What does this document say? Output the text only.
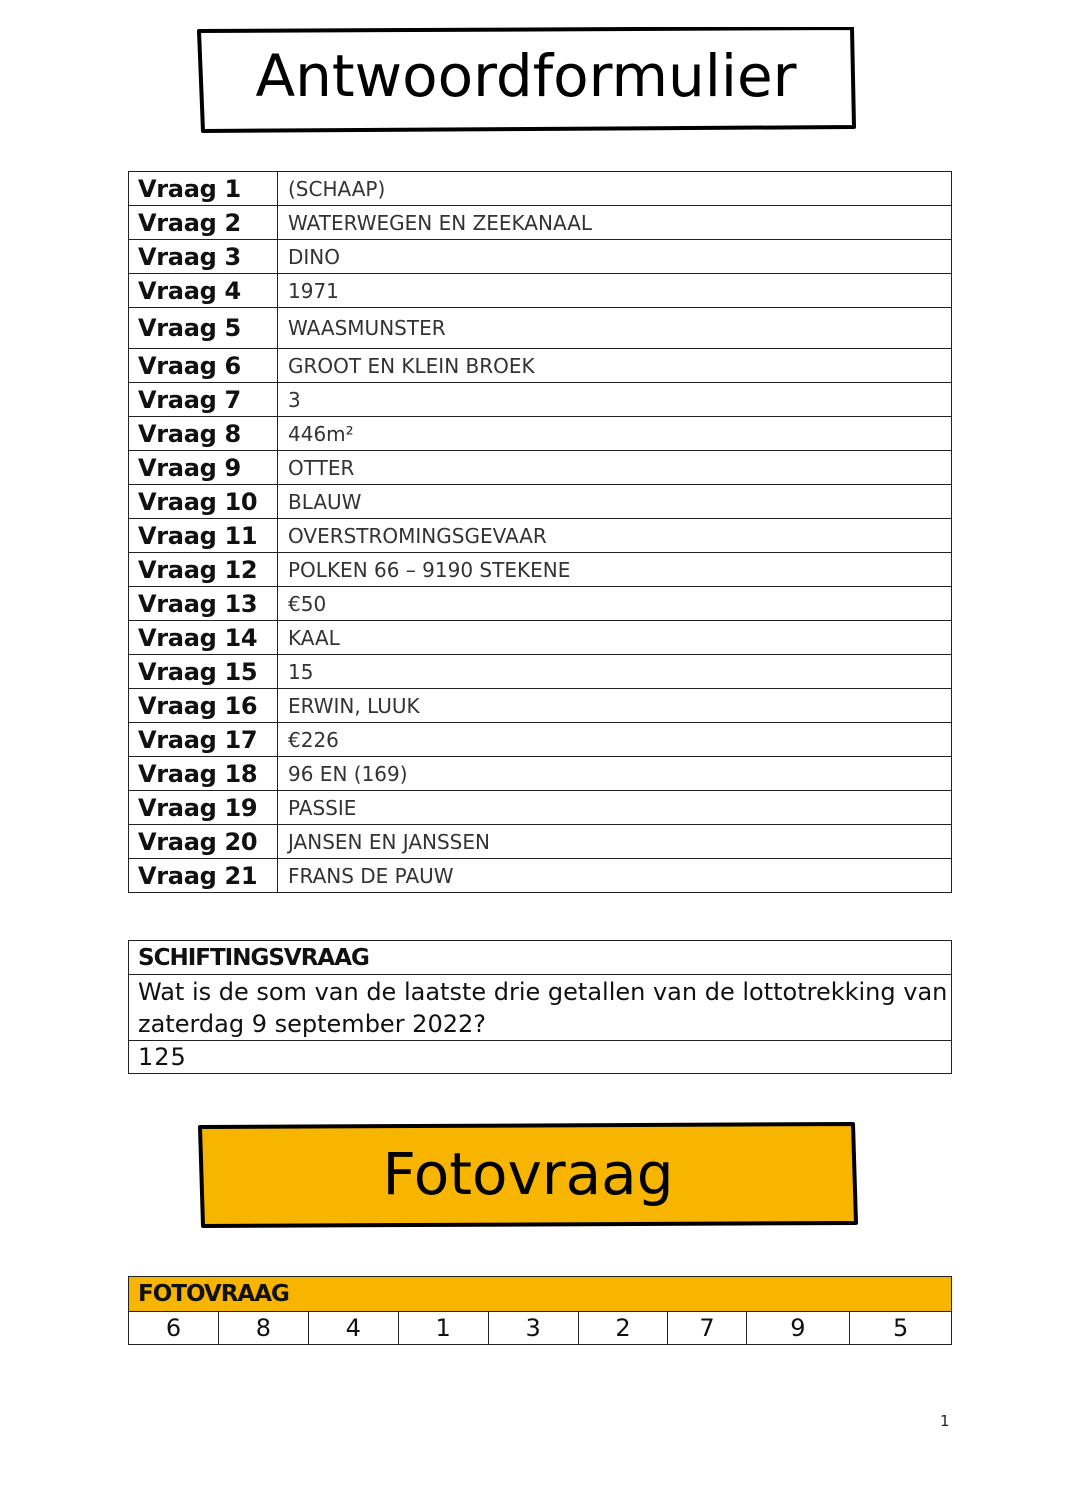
Antwoordformulier
Vraag 1	(SCHAAP)
Vraag 2	WATERWEGEN EN ZEEKANAAL
Vraag 3	DINO
Vraag 4	1971
Vraag 5	WAASMUNSTER
Vraag 6	GROOT EN KLEIN BROEK
Vraag 7	3
Vraag 8	446m²
Vraag 9	OTTER
Vraag 10	BLAUW
Vraag 11	OVERSTROMINGSGEVAAR
Vraag 12	POLKEN 66 – 9190 STEKENE
Vraag 13	€50
Vraag 14	KAAL
Vraag 15	15
Vraag 16	ERWIN, LUUK
Vraag 17	€226
Vraag 18	96 EN (169)
Vraag 19	PASSIE
Vraag 20	JANSEN EN JANSSEN
Vraag 21	FRANS DE PAUW
SCHIFTINGSVRAAG
Wat is de som van de laatste drie getallen van de lottotrekking van zaterdag 9 september 2022?
125
Fotovraag
FOTOVRAAG
6	8	4	1	3	2	7	9	5
1
